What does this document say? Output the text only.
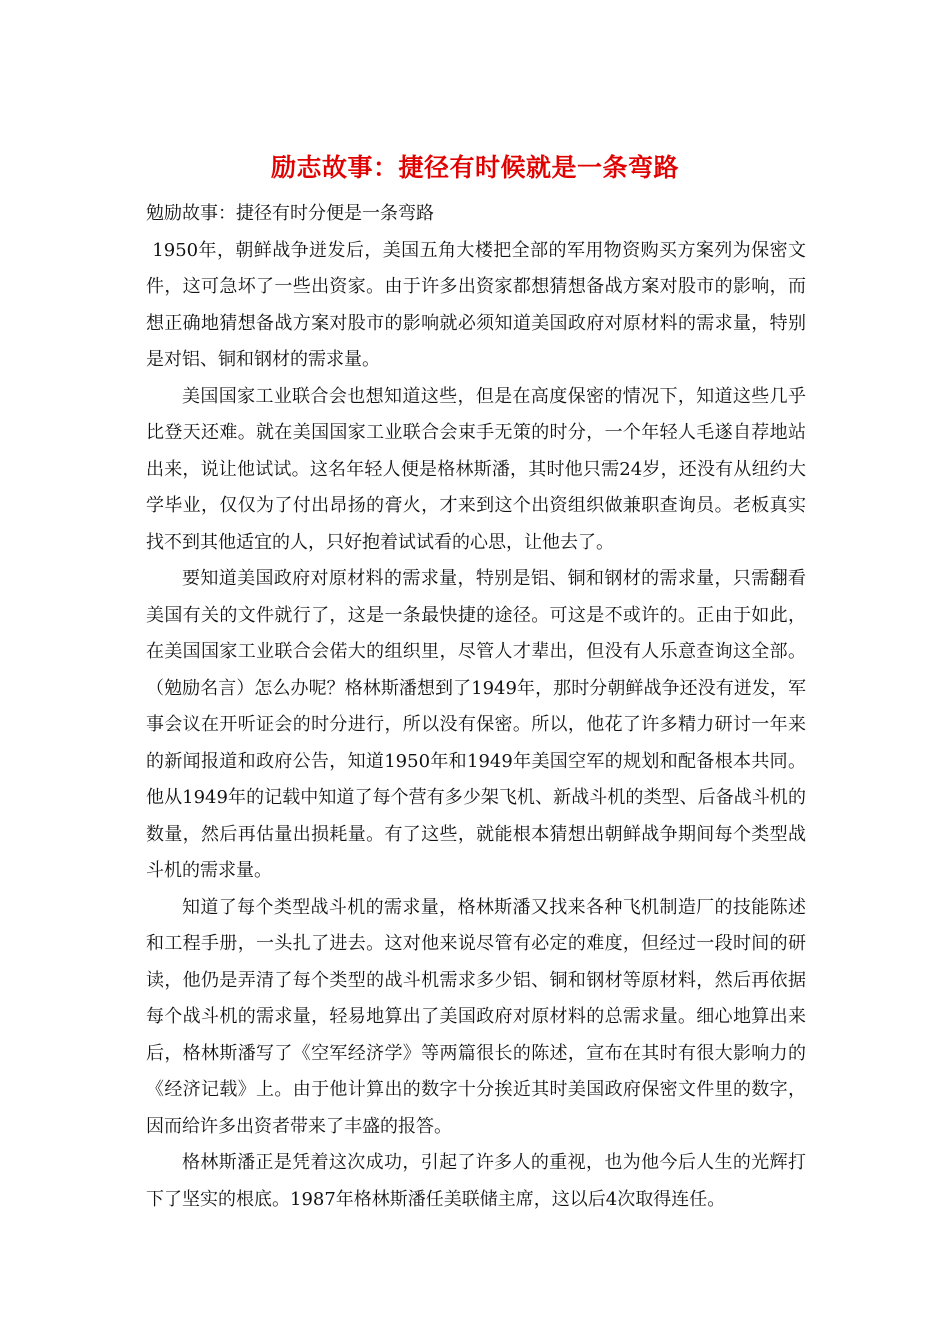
励志故事：捷径有时候就是一条弯路

勉励故事：捷径有时分便是一条弯路

1950年，朝鲜战争迸发后，美国五角大楼把全部的军用物资购买方案列为保密文件，这可急坏了一些出资家。由于许多出资家都想猜想备战方案对股市的影响，而想正确地猜想备战方案对股市的影响就必须知道美国政府对原材料的需求量，特别是对铝、铜和钢材的需求量。

美国国家工业联合会也想知道这些，但是在高度保密的情况下，知道这些几乎比登天还难。就在美国国家工业联合会束手无策的时分，一个年轻人毛遂自荐地站出来，说让他试试。这名年轻人便是格林斯潘，其时他只需24岁，还没有从纽约大学毕业，仅仅为了付出昂扬的膏火，才来到这个出资组织做兼职查询员。老板真实找不到其他适宜的人，只好抱着试试看的心思，让他去了。

要知道美国政府对原材料的需求量，特别是铝、铜和钢材的需求量，只需翻看美国有关的文件就行了，这是一条最快捷的途径。可这是不或许的。正由于如此，在美国国家工业联合会偌大的组织里，尽管人才辈出，但没有人乐意查询这全部。（勉励名言）怎么办呢？格林斯潘想到了1949年，那时分朝鲜战争还没有迸发，军事会议在开听证会的时分进行，所以没有保密。所以，他花了许多精力研讨一年来的新闻报道和政府公告，知道1950年和1949年美国空军的规划和配备根本共同。他从1949年的记载中知道了每个营有多少架飞机、新战斗机的类型、后备战斗机的数量，然后再估量出损耗量。有了这些，就能根本猜想出朝鲜战争期间每个类型战斗机的需求量。

知道了每个类型战斗机的需求量，格林斯潘又找来各种飞机制造厂的技能陈述和工程手册，一头扎了进去。这对他来说尽管有必定的难度，但经过一段时间的研读，他仍是弄清了每个类型的战斗机需求多少铝、铜和钢材等原材料，然后再依据每个战斗机的需求量，轻易地算出了美国政府对原材料的总需求量。细心地算出来后，格林斯潘写了《空军经济学》等两篇很长的陈述，宣布在其时有很大影响力的《经济记载》上。由于他计算出的数字十分挨近其时美国政府保密文件里的数字，因而给许多出资者带来了丰盛的报答。

格林斯潘正是凭着这次成功，引起了许多人的重视，也为他今后人生的光辉打下了坚实的根底。1987年格林斯潘任美联储主席，这以后4次取得连任。
